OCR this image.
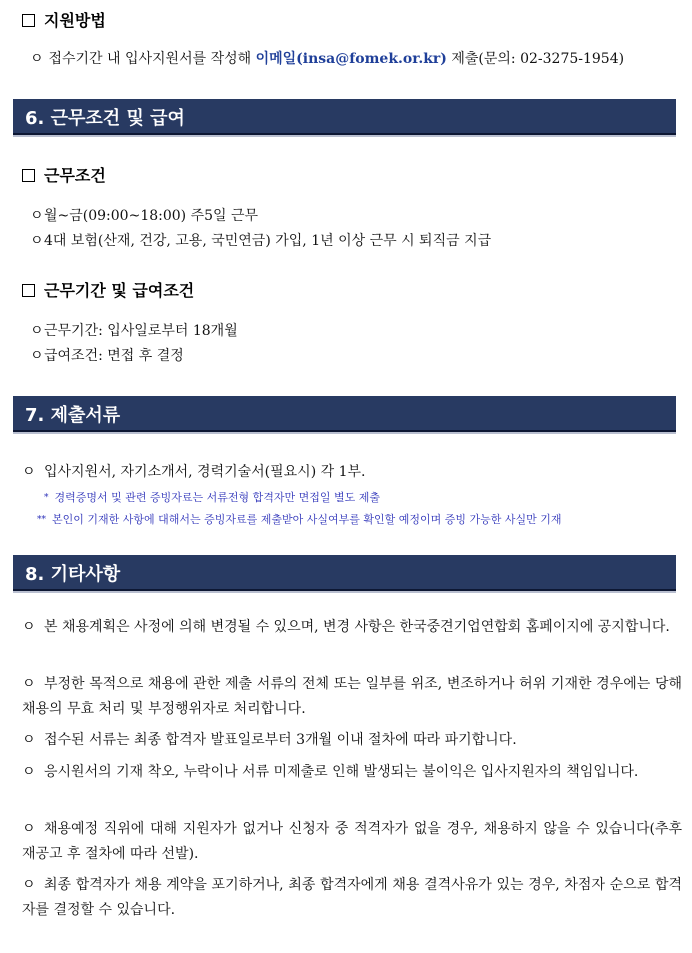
지원방법
ㅇ 접수기간 내 입사지원서를 작성해 이메일(insa@fomek.or.kr) 제출(문의: 02-3275-1954)
6. 근무조건 및 급여
근무조건
ㅇ월~금(09:00~18:00) 주5일 근무
ㅇ4대 보험(산재, 건강, 고용, 국민연금) 가입, 1년 이상 근무 시 퇴직금 지급
근무기간 및 급여조건
ㅇ근무기간: 입사일로부터 18개월
ㅇ급여조건: 면접 후 결정
7. 제출서류
ㅇ 입사지원서, 자기소개서, 경력기술서(필요시) 각 1부.
* 경력증명서 및 관련 증빙자료는 서류전형 합격자만 면접일 별도 제출
** 본인이 기재한 사항에 대해서는 증빙자료를 제출받아 사실여부를 확인할 예정이며 증빙 가능한 사실만 기재
8. 기타사항
ㅇ 본 채용계획은 사정에 의해 변경될 수 있으며, 변경 사항은 한국중견기업연합회 홈페이지에 공지합니다.
ㅇ 부정한 목적으로 채용에 관한 제출 서류의 전체 또는 일부를 위조, 변조하거나 허위 기재한 경우에는 당해 채용의 무효 처리 및 부정행위자로 처리합니다.
ㅇ 접수된 서류는 최종 합격자 발표일로부터 3개월 이내 절차에 따라 파기합니다.
ㅇ 응시원서의 기재 착오, 누락이나 서류 미제출로 인해 발생되는 불이익은 입사지원자의 책임입니다.
ㅇ 채용예정 직위에 대해 지원자가 없거나 신청자 중 적격자가 없을 경우, 채용하지 않을 수 있습니다(추후 재공고 후 절차에 따라 선발).
ㅇ 최종 합격자가 채용 계약을 포기하거나, 최종 합격자에게 채용 결격사유가 있는 경우, 차점자 순으로 합격자를 결정할 수 있습니다.
